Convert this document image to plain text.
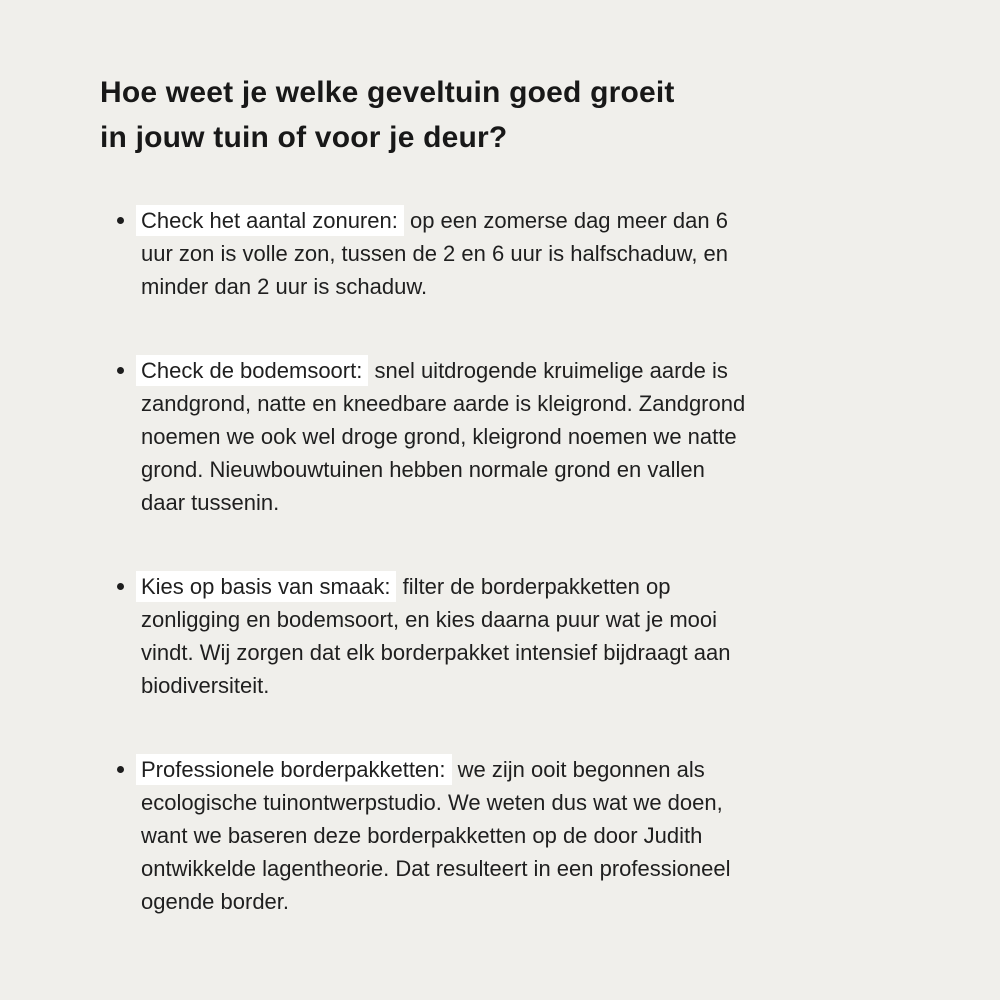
Hoe weet je welke geveltuin goed groeit in jouw tuin of voor je deur?
Check het aantal zonuren: op een zomerse dag meer dan 6 uur zon is volle zon, tussen de 2 en 6 uur is halfschaduw, en minder dan 2 uur is schaduw.
Check de bodemsoort: snel uitdrogende kruimelige aarde is zandgrond, natte en kneedbare aarde is kleigrond. Zandgrond noemen we ook wel droge grond, kleigrond noemen we natte grond. Nieuwbouwtuinen hebben normale grond en vallen daar tussenin.
Kies op basis van smaak: filter de borderpakketten op zonligging en bodemsoort, en kies daarna puur wat je mooi vindt. Wij zorgen dat elk borderpakket intensief bijdraagt aan biodiversiteit.
Professionele borderpakketten: we zijn ooit begonnen als ecologische tuinontwerpstudio. We weten dus wat we doen, want we baseren deze borderpakketten op de door Judith ontwikkelde lagentheorie. Dat resulteert in een professioneel ogende border.
